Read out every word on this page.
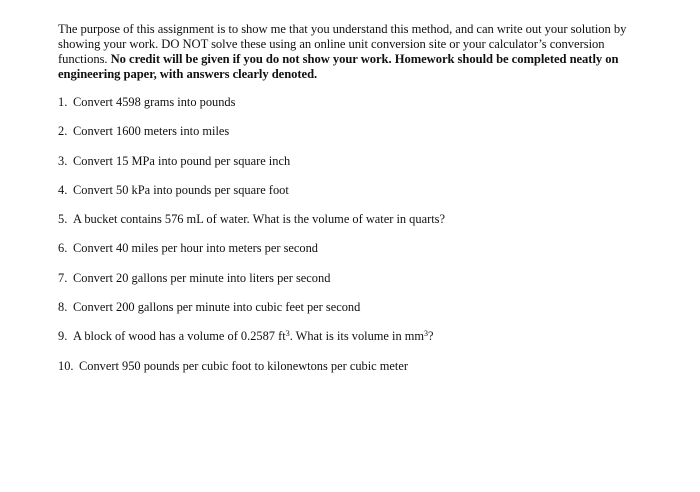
The purpose of this assignment is to show me that you understand this method, and can write out your solution by showing your work. DO NOT solve these using an online unit conversion site or your calculator’s conversion functions. No credit will be given if you do not show your work. Homework should be completed neatly on engineering paper, with answers clearly denoted.

1. Convert 4598 grams into pounds
2. Convert 1600 meters into miles
3. Convert 15 MPa into pound per square inch
4. Convert 50 kPa into pounds per square foot
5. A bucket contains 576 mL of water. What is the volume of water in quarts?
6. Convert 40 miles per hour into meters per second
7. Convert 20 gallons per minute into liters per second
8. Convert 200 gallons per minute into cubic feet per second
9. A block of wood has a volume of 0.2587 $ft^3$. What is its volume in $mm^3$?
10. Convert 950 pounds per cubic foot to kilonewtons per cubic meter
